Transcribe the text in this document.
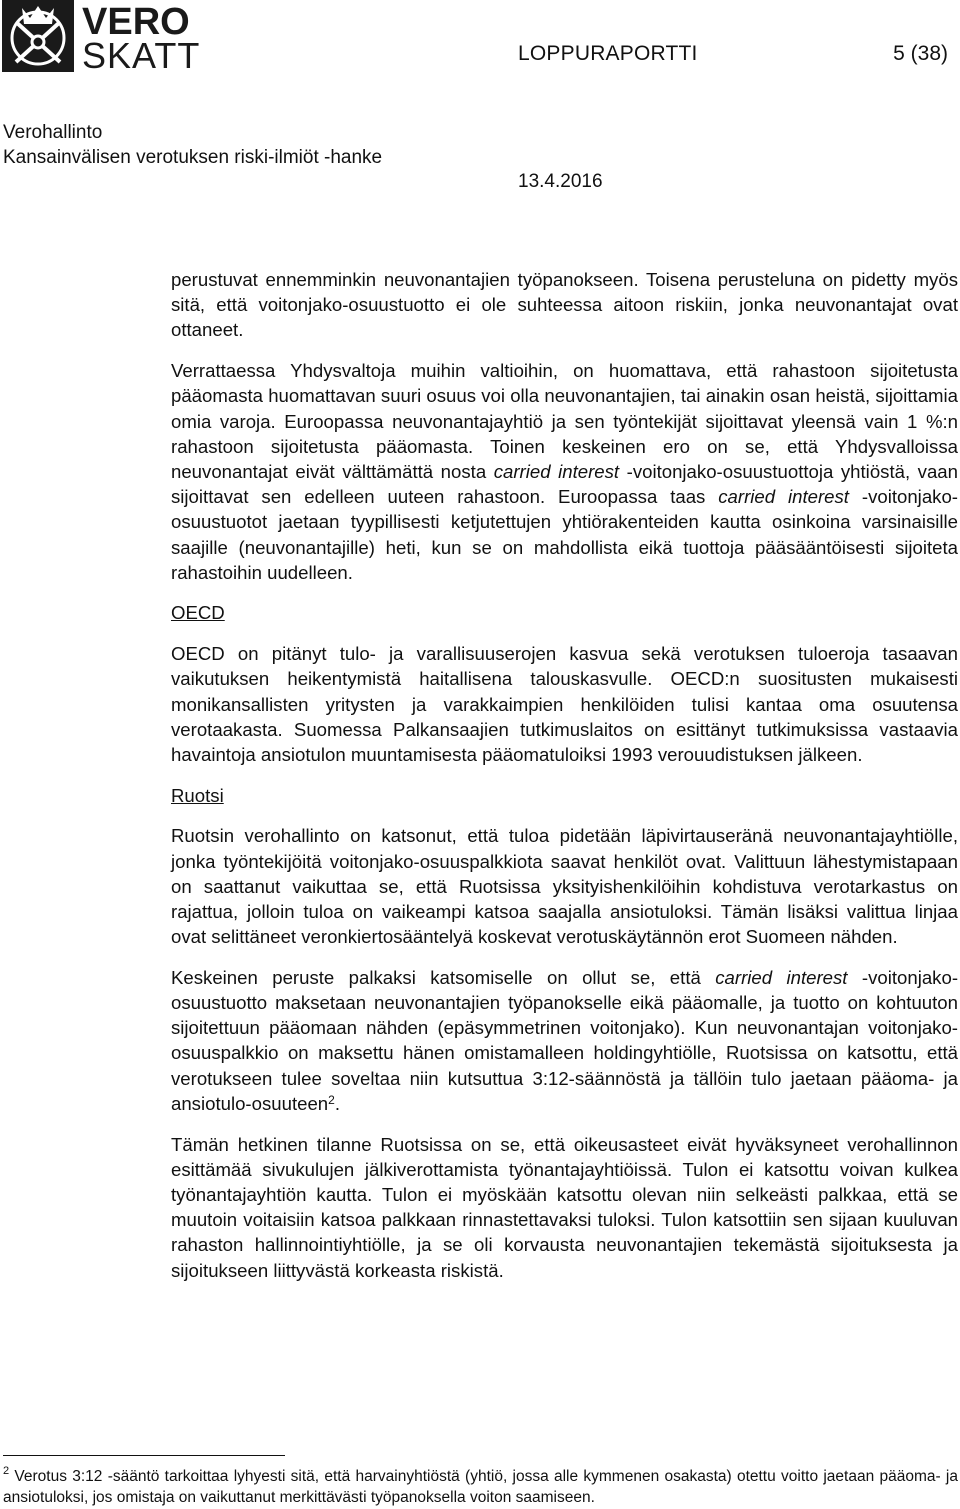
VERO
SKATT	LOPPURAPORTTI	5 (38)
Verohallinto
Kansainvälisen verotuksen riski-ilmiöt -hanke
13.4.2016

perustuvat ennemminkin neuvonantajien työpanokseen. Toisena perusteluna on pidetty myös sitä, että voitonjako-osuustuotto ei ole suhteessa aitoon riskiin, jonka neuvonantajat ovat ottaneet.

Verrattaessa Yhdysvaltoja muihin valtioihin, on huomattava, että rahastoon sijoitetusta pääomasta huomattavan suuri osuus voi olla neuvonantajien, tai ainakin osan heistä, sijoittamia omia varoja. Euroopassa neuvonantajayhtiö ja sen työntekijät sijoittavat yleensä vain 1 %:n rahastoon sijoitetusta pääomasta. Toinen keskeinen ero on se, että Yhdysvalloissa neuvonantajat eivät välttämättä nosta carried interest -voitonjako-osuustuottoja yhtiöstä, vaan sijoittavat sen edelleen uuteen rahastoon. Euroopassa taas carried interest -voitonjako-osuustuotot jaetaan tyypillisesti ketjutettujen yhtiörakenteiden kautta osinkoina varsinaisille saajille (neuvonantajille) heti, kun se on mahdollista eikä tuottoja pääsääntöisesti sijoiteta rahastoihin uudelleen.

OECD

OECD on pitänyt tulo- ja varallisuuserojen kasvua sekä verotuksen tuloeroja tasaavan vaikutuksen heikentymistä haitallisena talouskasvulle. OECD:n suositusten mukaisesti monikansallisten yritysten ja varakkaimpien henkilöiden tulisi kantaa oma osuutensa verotaakasta. Suomessa Palkansaajien tutkimuslaitos on esittänyt tutkimuksissa vastaavia havaintoja ansiotulon muuntamisesta pääomatuloiksi 1993 verouudistuksen jälkeen.

Ruotsi

Ruotsin verohallinto on katsonut, että tuloa pidetään läpivirtauseränä neuvonantajayhtiölle, jonka työntekijöitä voitonjako-osuuspalkkiota saavat henkilöt ovat. Valittuun lähestymistapaan on saattanut vaikuttaa se, että Ruotsissa yksityishenkilöihin kohdistuva verotarkastus on rajattua, jolloin tuloa on vaikeampi katsoa saajalla ansiotuloksi. Tämän lisäksi valittua linjaa ovat selittäneet veronkiertosääntelyä koskevat verotuskäytännön erot Suomeen nähden.

Keskeinen peruste palkaksi katsomiselle on ollut se, että carried interest -voitonjako-osuustuotto maksetaan neuvonantajien työpanokselle eikä pääomalle, ja tuotto on kohtuuton sijoitettuun pääomaan nähden (epäsymmetrinen voitonjako). Kun neuvonantajan voitonjako-osuuspalkkio on maksettu hänen omistamalleen holdingyhtiölle, Ruotsissa on katsottu, että verotukseen tulee soveltaa niin kutsuttua 3:12-säännöstä ja tällöin tulo jaetaan pääoma- ja ansiotulo-osuuteen$^2$.

Tämän hetkinen tilanne Ruotsissa on se, että oikeusasteet eivät hyväksyneet verohallinnon esittämää sivukulujen jälkiverottamista työnantajayhtiöissä. Tulon ei katsottu voivan kulkea työnantajayhtiön kautta. Tulon ei myöskään katsottu olevan niin selkeästi palkkaa, että se muutoin voitaisiin katsoa palkkaan rinnastettavaksi tuloksi. Tulon katsottiin sen sijaan kuuluvan rahaston hallinnointiyhtiölle, ja se oli korvausta neuvonantajien tekemästä sijoituksesta ja sijoitukseen liittyvästä korkeasta riskistä.

$^2$ Verotus 3:12 -sääntö tarkoittaa lyhyesti sitä, että harvainyhtiöstä (yhtiö, jossa alle kymmenen osakasta) otettu voitto jaetaan pääoma- ja ansiotuloksi, jos omistaja on vaikuttanut merkittävästi työpanoksella voiton saamiseen.
